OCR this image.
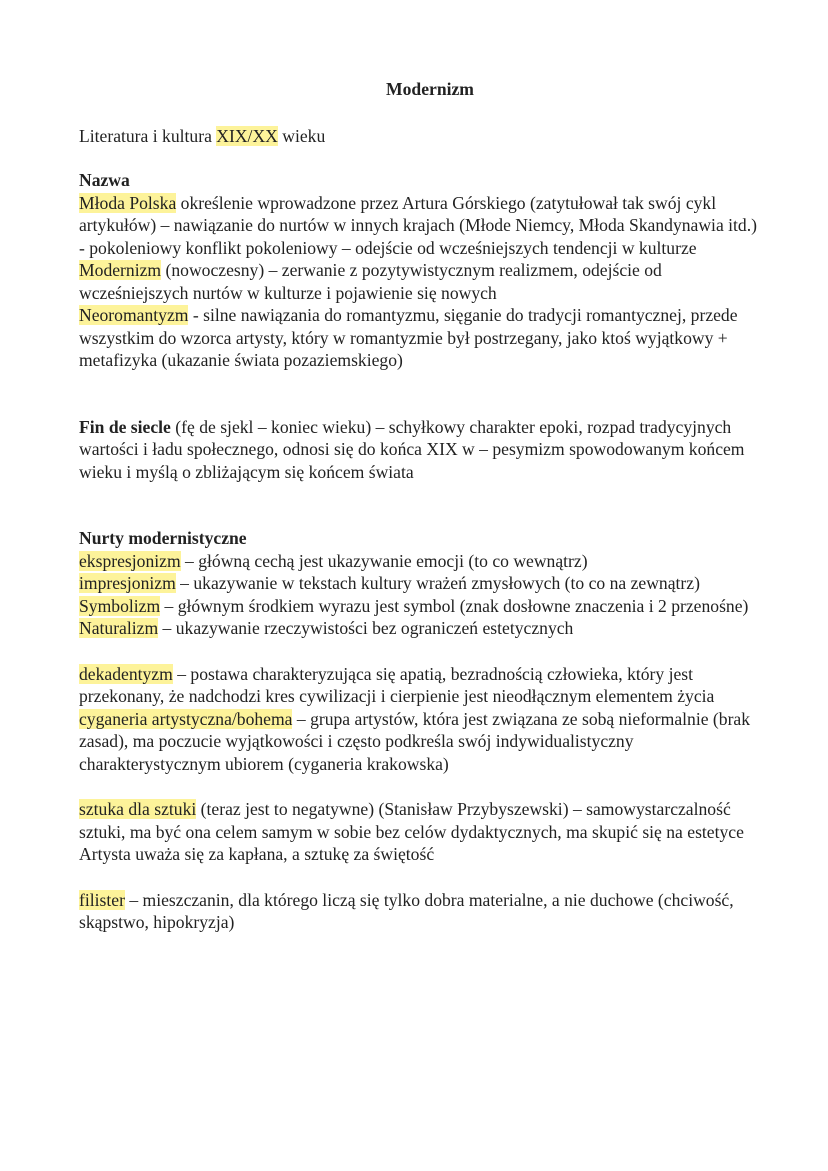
Modernizm

Literatura i kultura XIX/XX wieku

Nazwa

Młoda Polska określenie wprowadzone przez Artura Górskiego (zatytułował tak swój cykl artykułów) – nawiązanie do nurtów w innych krajach (Młode Niemcy, Młoda Skandynawia itd.) - pokoleniowy konflikt pokoleniowy – odejście od wcześniejszych tendencji w kulturze

Modernizm (nowoczesny) – zerwanie z pozytywistycznym realizmem, odejście od wcześniejszych nurtów w kulturze i pojawienie się nowych

Neoromantyzm - silne nawiązania do romantyzmu, sięganie do tradycji romantycznej, przede wszystkim do wzorca artysty, który w romantyzmie był postrzegany, jako ktoś wyjątkowy + metafizyka (ukazanie świata pozaziemskiego)

Fin de siecle (fę de sjekl – koniec wieku) – schyłkowy charakter epoki, rozpad tradycyjnych wartości i ładu społecznego, odnosi się do końca XIX w – pesymizm spowodowanym końcem wieku i myślą o zbliżającym się końcem świata

Nurty modernistyczne

ekspresjonizm – główną cechą jest ukazywanie emocji (to co wewnątrz)

impresjonizm – ukazywanie w tekstach kultury wrażeń zmysłowych (to co na zewnątrz)

Symbolizm – głównym środkiem wyrazu jest symbol (znak dosłowne znaczenia i 2 przenośne)

Naturalizm – ukazywanie rzeczywistości bez ograniczeń estetycznych

dekadentyzm – postawa charakteryzująca się apatią, bezradnością człowieka, który jest przekonany, że nadchodzi kres cywilizacji i cierpienie jest nieodłącznym elementem życia

cyganeria artystyczna/bohema – grupa artystów, która jest związana ze sobą nieformalnie (brak zasad), ma poczucie wyjątkowości i często podkreśla swój indywidualistyczny charakterystycznym ubiorem (cyganeria krakowska)

sztuka dla sztuki (teraz jest to negatywne) (Stanisław Przybyszewski) – samowystarczalność sztuki, ma być ona celem samym w sobie bez celów dydaktycznych, ma skupić się na estetyce

Artysta uważa się za kapłana, a sztukę za świętość

filister – mieszczanin, dla którego liczą się tylko dobra materialne, a nie duchowe (chciwość, skąpstwo, hipokryzja)
